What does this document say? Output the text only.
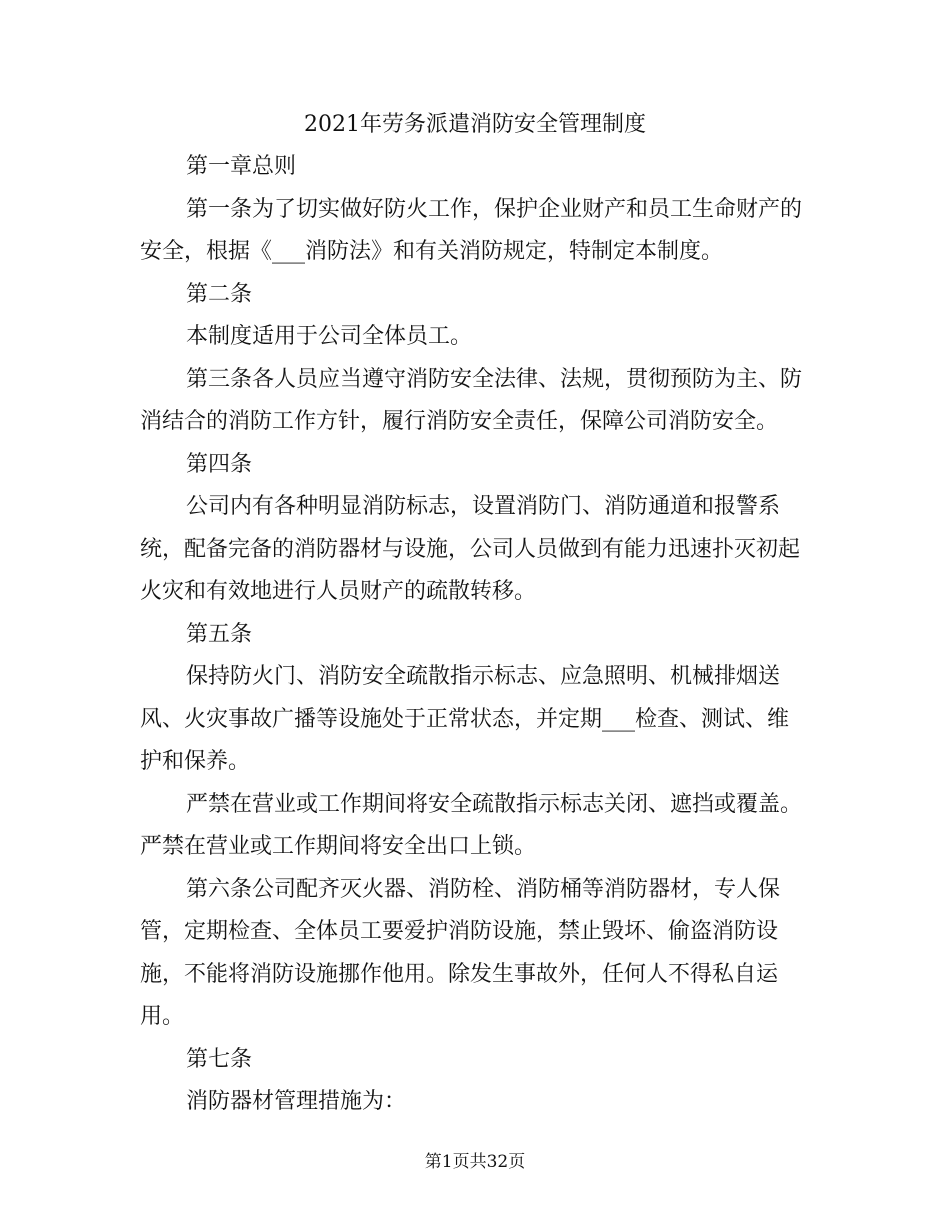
2021年劳务派遣消防安全管理制度

第一章总则

第一条为了切实做好防火工作，保护企业财产和员工生命财产的安全，根据《___消防法》和有关消防规定，特制定本制度。

第二条

本制度适用于公司全体员工。

第三条各人员应当遵守消防安全法律、法规，贯彻预防为主、防消结合的消防工作方针，履行消防安全责任，保障公司消防安全。

第四条

公司内有各种明显消防标志，设置消防门、消防通道和报警系统，配备完备的消防器材与设施，公司人员做到有能力迅速扑灭初起火灾和有效地进行人员财产的疏散转移。

第五条

保持防火门、消防安全疏散指示标志、应急照明、机械排烟送风、火灾事故广播等设施处于正常状态，并定期___检查、测试、维护和保养。

严禁在营业或工作期间将安全疏散指示标志关闭、遮挡或覆盖。严禁在营业或工作期间将安全出口上锁。

第六条公司配齐灭火器、消防栓、消防桶等消防器材，专人保管，定期检查、全体员工要爱护消防设施，禁止毁坏、偷盗消防设施，不能将消防设施挪作他用。除发生事故外，任何人不得私自运用。

第七条

消防器材管理措施为：

第1页共32页
